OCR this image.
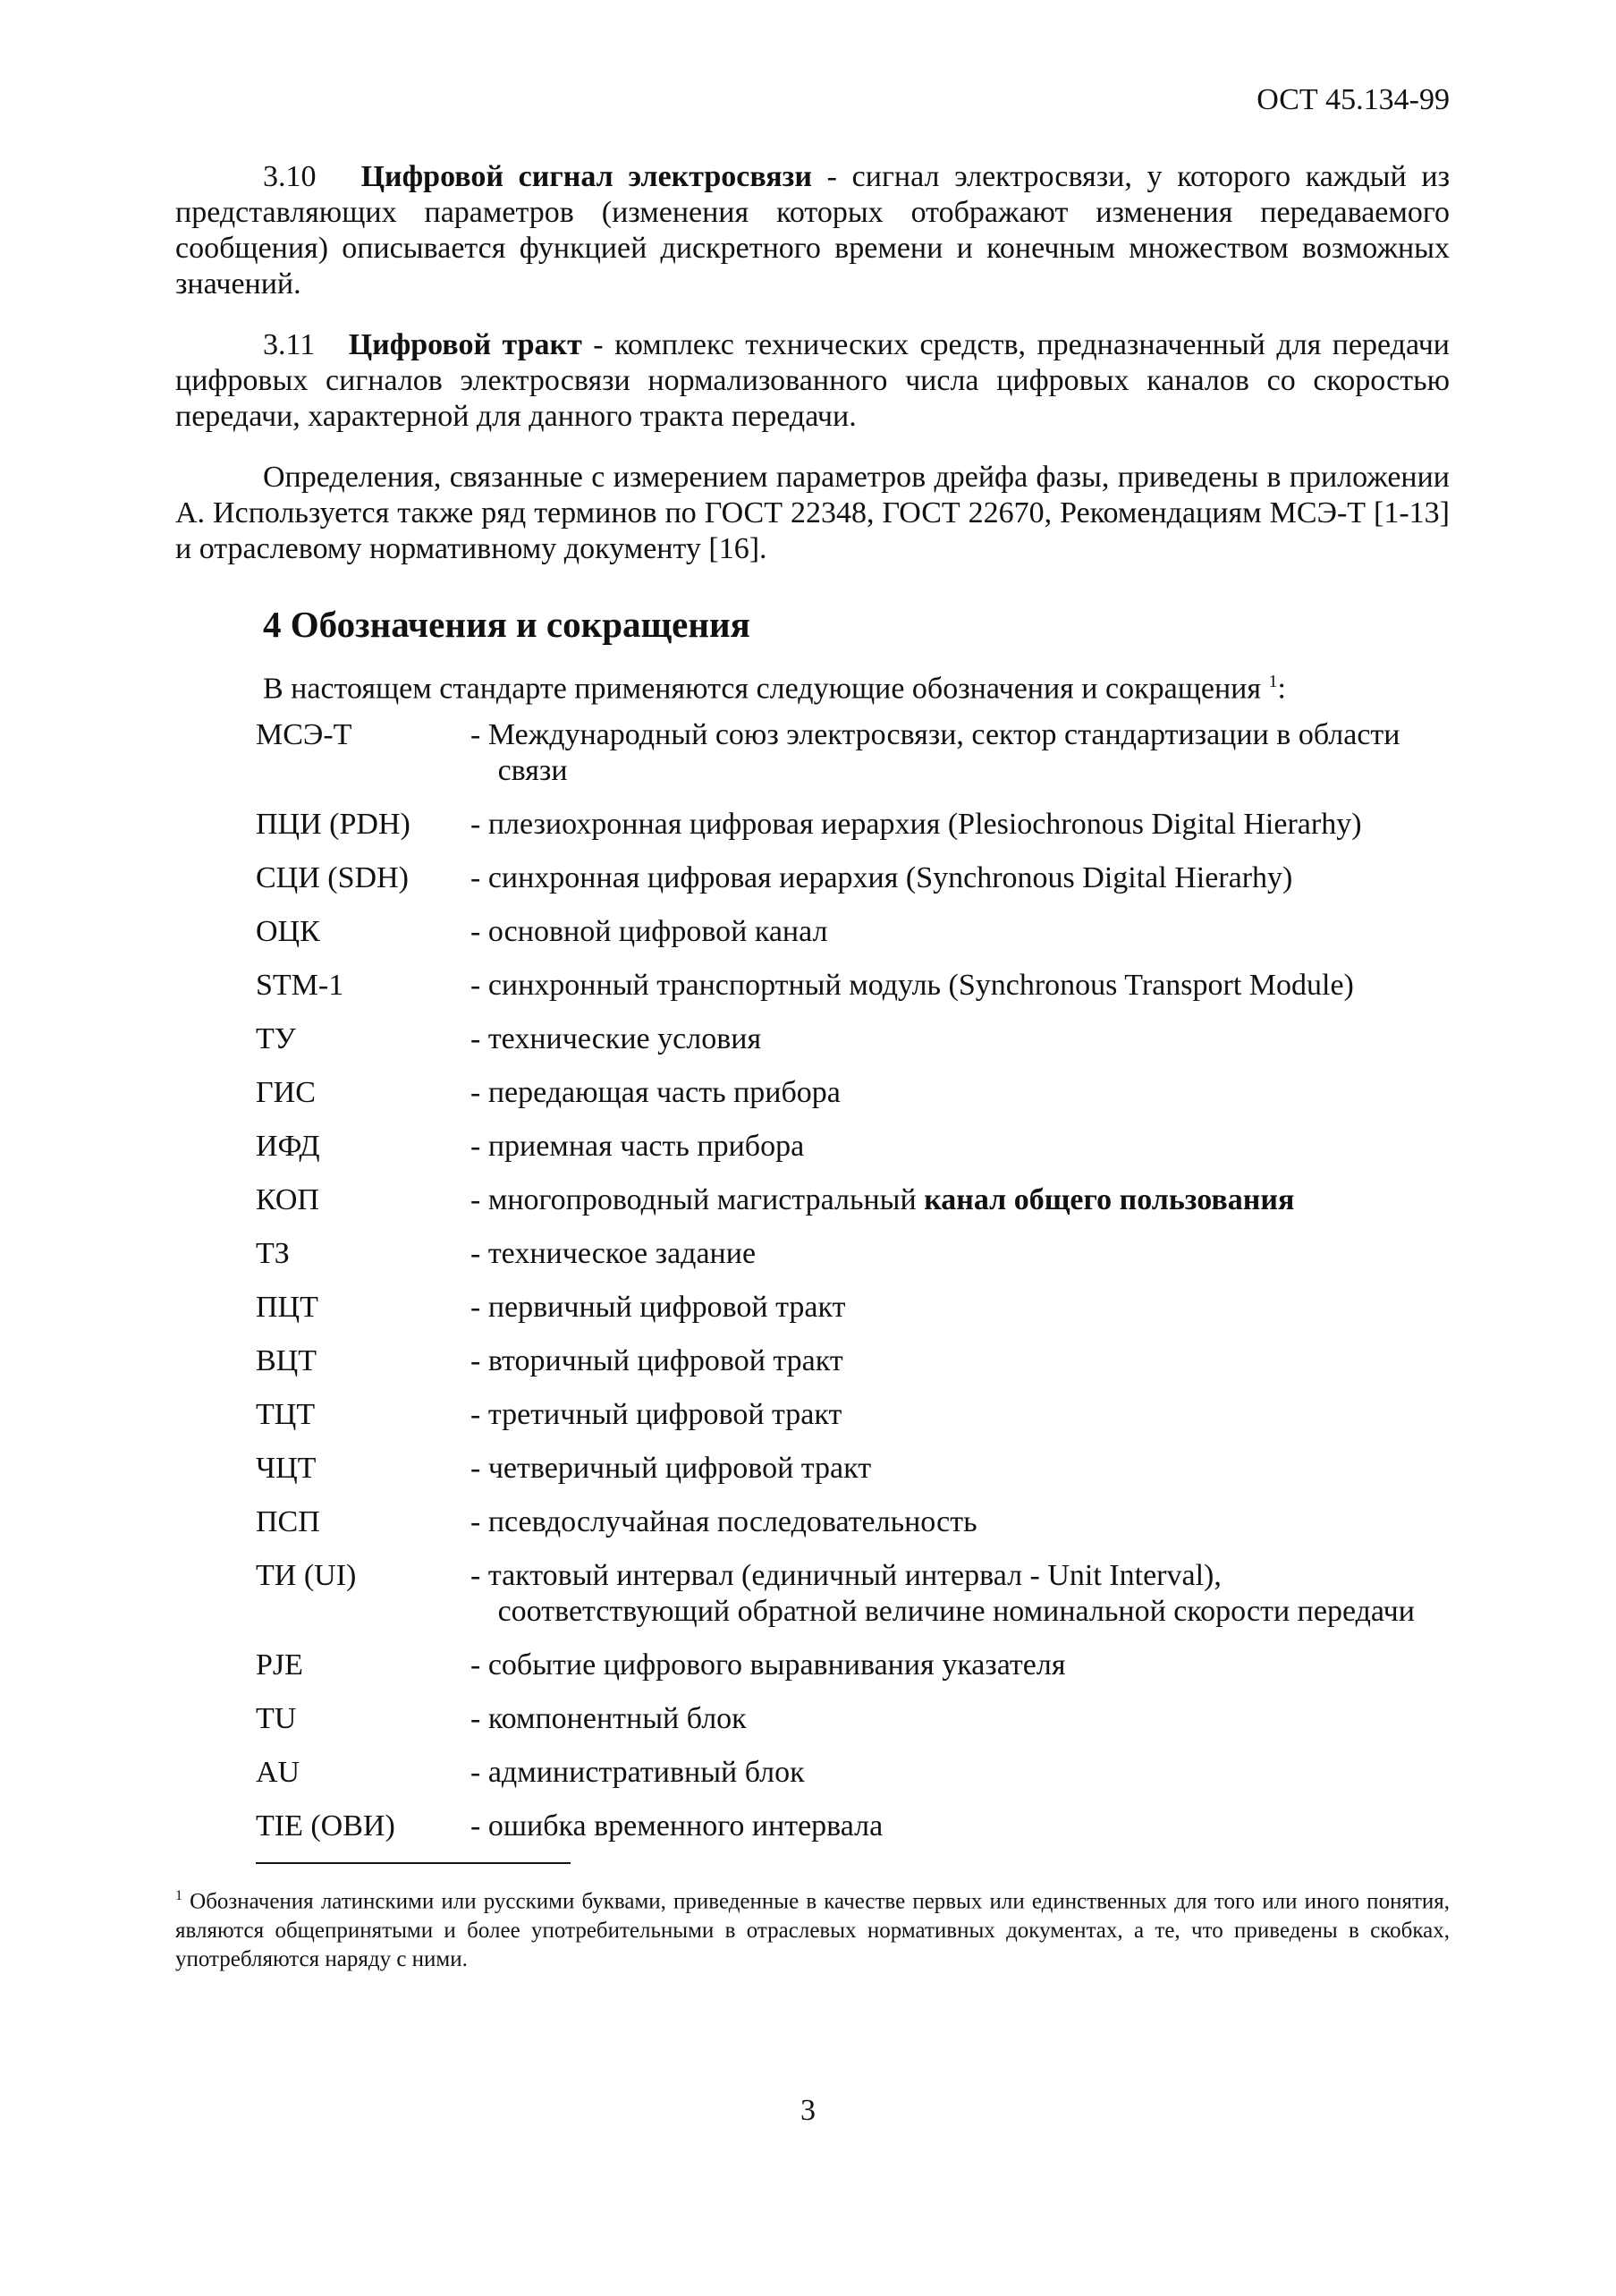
ОСТ 45.134-99

3.10 Цифровой сигнал электросвязи - сигнал электросвязи, у которого каждый из представляющих параметров (изменения которых отображают изменения передаваемого сообщения) описывается функцией дискретного времени и конечным множеством возможных значений.

3.11 Цифровой тракт - комплекс технических средств, предназначенный для передачи цифровых сигналов электросвязи нормализованного числа цифровых каналов со скоростью передачи, характерной для данного тракта передачи.

Определения, связанные с измерением параметров дрейфа фазы, приведены в приложении А. Используется также ряд терминов по ГОСТ 22348, ГОСТ 22670, Рекомендациям МСЭ-Т [1-13] и отраслевому нормативному документу [16].

4 Обозначения и сокращения
В настоящем стандарте применяются следующие обозначения и сокращения $^1$:
МСЭ-Т	- Международный союз электросвязи, сектор стандартизации в области связи
ПЦИ (PDH)	- плезиохронная цифровая иерархия (Plesiochronous Digital Hierarhy)
СЦИ (SDH)	- синхронная цифровая иерархия (Synchronous Digital Hierarhy)
ОЦК	- основной цифровой канал
STM-1	- синхронный транспортный модуль (Synchronous Transport Module)
ТУ	- технические условия
ГИС	- передающая часть прибора
ИФД	- приемная часть прибора
КОП	- многопроводный магистральный канал общего пользования
ТЗ	- техническое задание
ПЦТ	- первичный цифровой тракт
ВЦТ	- вторичный цифровой тракт
ТЦТ	- третичный цифровой тракт
ЧЦТ	- четверичный цифровой тракт
ПСП	- псевдослучайная последовательность
ТИ (UI)	- тактовый интервал (единичный интервал - Unit Interval), соответствующий обратной величине номинальной скорости передачи
PJE	- событие цифрового выравнивания указателя
TU	- компонентный блок
AU	- административный блок
TIE (ОВИ)	- ошибка временного интервала
$^1$ Обозначения латинскими или русскими буквами, приведенные в качестве первых или единственных для того или иного понятия, являются общепринятыми и более употребительными в отраслевых нормативных документах, а те, что приведены в скобках, употребляются наряду с ними.
3
